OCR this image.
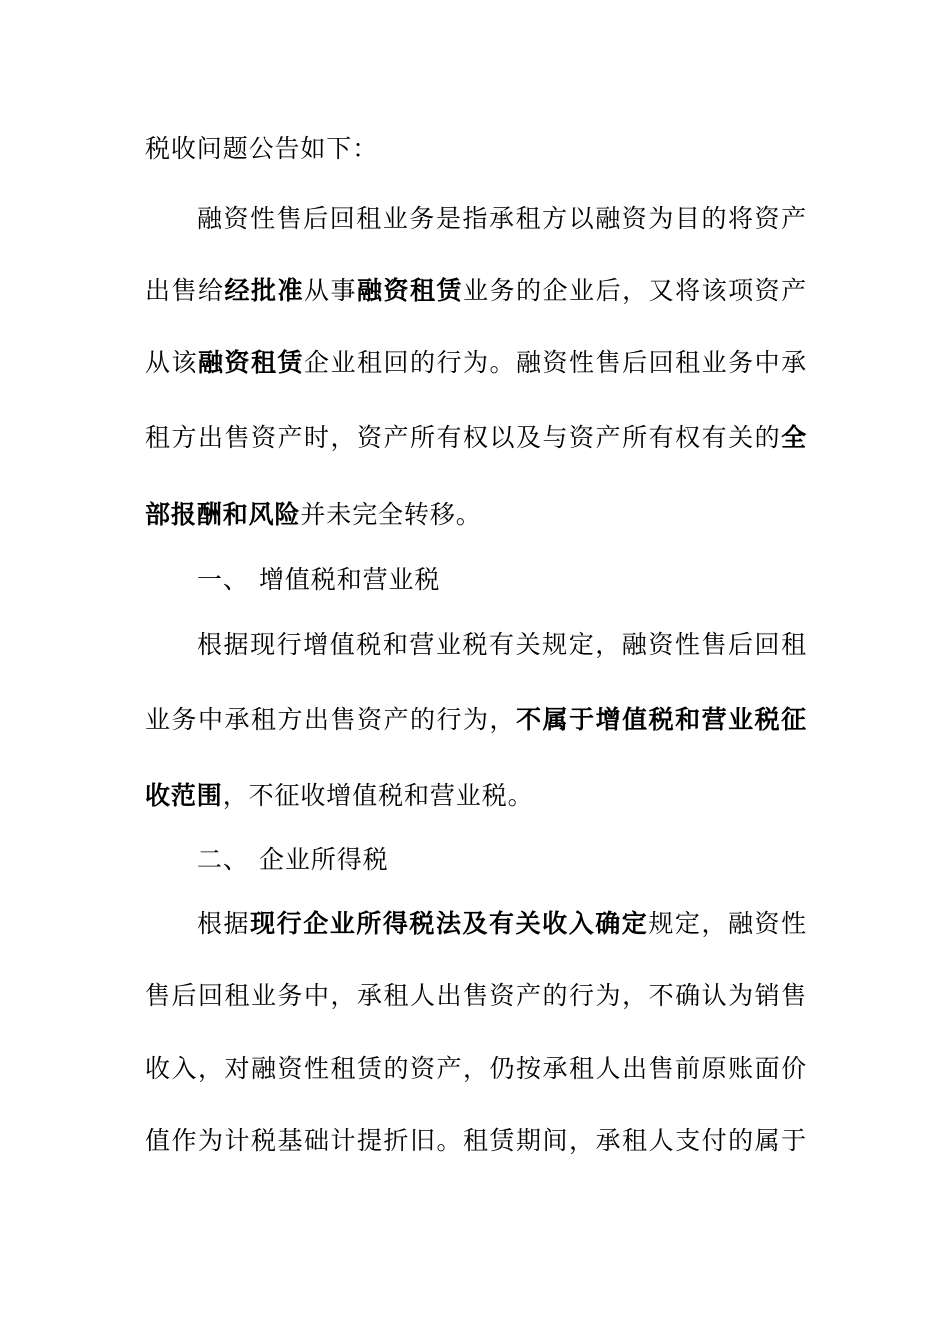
税收问题公告如下：
融资性售后回租业务是指承租方以融资为目的将资产
出售给经批准从事融资租赁业务的企业后，又将该项资产
从该融资租赁企业租回的行为。融资性售后回租业务中承
租方出售资产时，资产所有权以及与资产所有权有关的全
部报酬和风险并未完全转移。
一、 增值税和营业税
根据现行增值税和营业税有关规定，融资性售后回租
业务中承租方出售资产的行为，不属于增值税和营业税征
收范围，不征收增值税和营业税。
二、 企业所得税
根据现行企业所得税法及有关收入确定规定，融资性
售后回租业务中，承租人出售资产的行为，不确认为销售
收入，对融资性租赁的资产，仍按承租人出售前原账面价
值作为计税基础计提折旧。租赁期间，承租人支付的属于
